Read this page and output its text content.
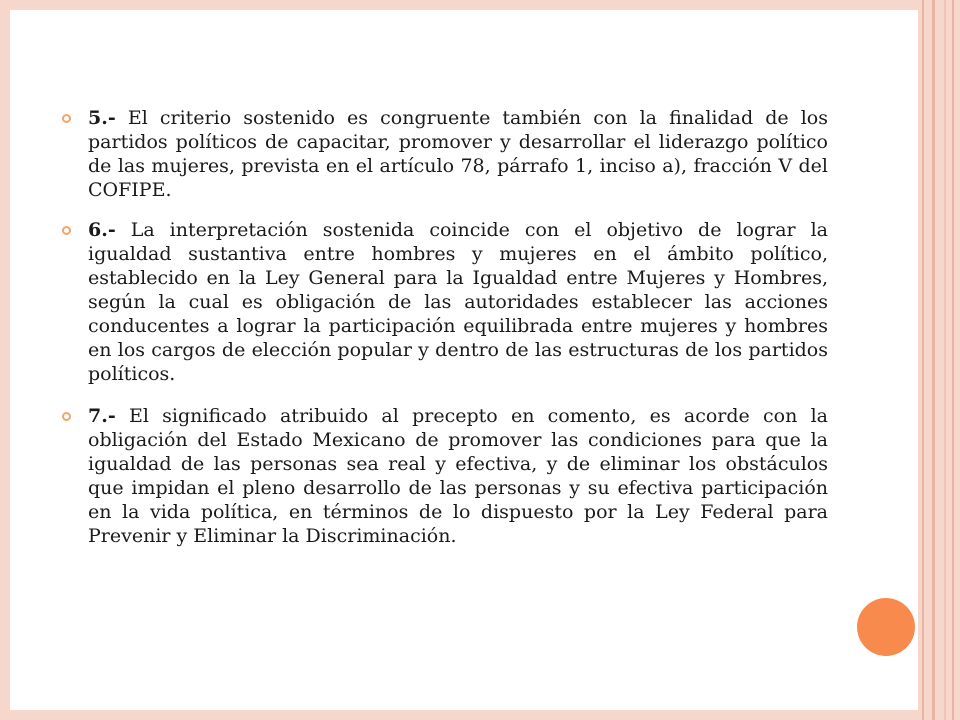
5.- El criterio sostenido es congruente también con la finalidad de los partidos políticos de capacitar, promover y desarrollar el liderazgo político de las mujeres, prevista en el artículo 78, párrafo 1, inciso a), fracción V del COFIPE.
6.- La interpretación sostenida coincide con el objetivo de lograr la igualdad sustantiva entre hombres y mujeres en el ámbito político, establecido en la Ley General para la Igualdad entre Mujeres y Hombres, según la cual es obligación de las autoridades establecer las acciones conducentes a lograr la participación equilibrada entre mujeres y hombres en los cargos de elección popular y dentro de las estructuras de los partidos políticos.
7.- El significado atribuido al precepto en comento, es acorde con la obligación del Estado Mexicano de promover las condiciones para que la igualdad de las personas sea real y efectiva, y de eliminar los obstáculos que impidan el pleno desarrollo de las personas y su efectiva participación en la vida política, en términos de lo dispuesto por la Ley Federal para Prevenir y Eliminar la Discriminación.
